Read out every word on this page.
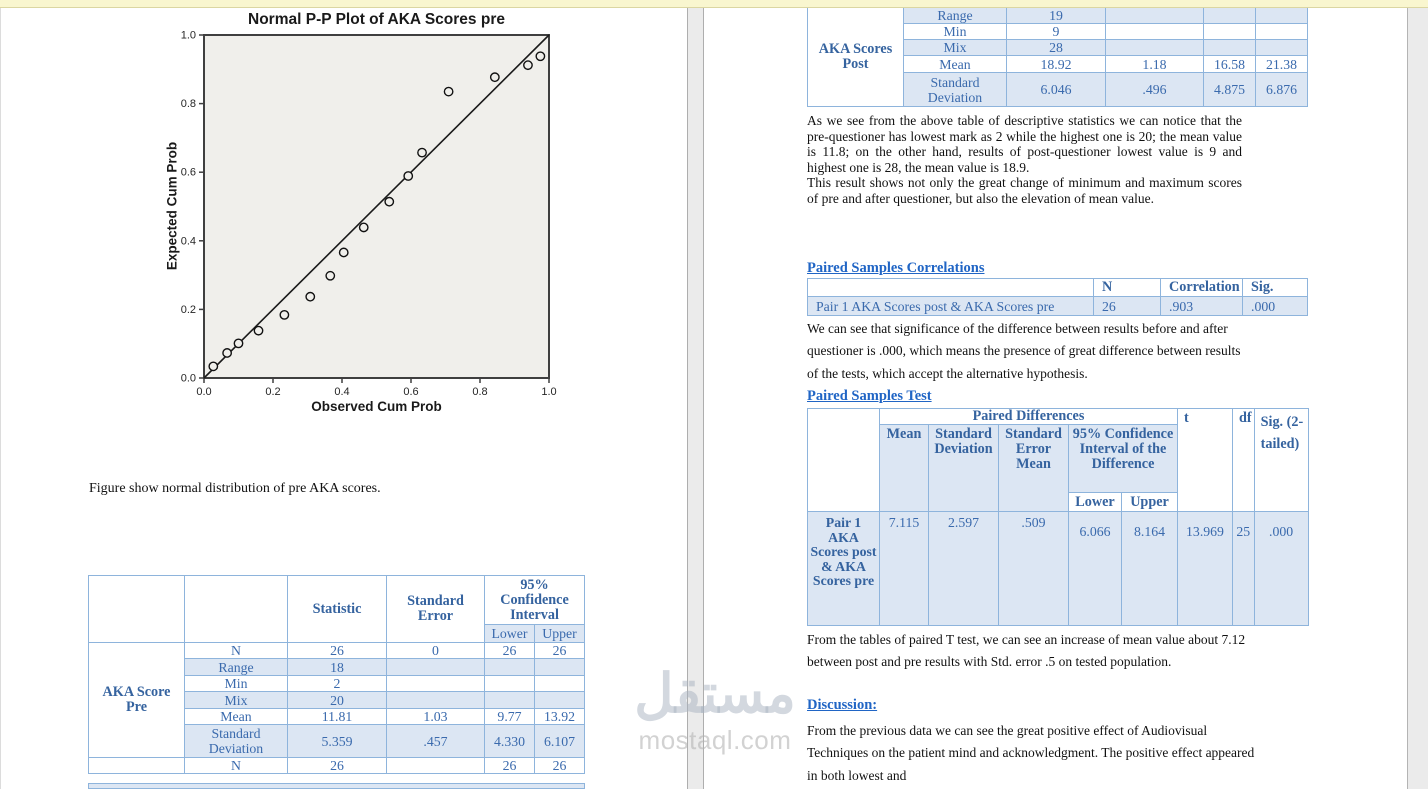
0.0	0.2	0.4	0.6	0.8	1.0
0.0
0.2
0.4
0.6
0.8
1.0
Normal P-P Plot of AKA Scores pre
Expected Cum Prob
Observed Cum Prob
Figure show normal distribution of pre AKA scores.
		Statistic	Standard Error	95% Confidence Interval	
				Lower	Upper
AKA Score Pre	N	26	0	26	26
	Range	18			
	Min	2			
	Mix	20			
	Mean	11.81	1.03	9.77	13.92
	Standard Deviation	5.359	.457	4.330	6.107
	N	26		26	26
AKA Scores Post	Range	19			
	Min	9			
	Mix	28			
	Mean	18.92	1.18	16.58	21.38
	Standard Deviation	6.046	.496	4.875	6.876

As we see from the above table of descriptive statistics we can notice that the pre-questioner has lowest mark as 2 while the highest one is 20; the mean value is 11.8; on the other hand, results of post-questioner lowest value is 9 and highest one is 28, the mean value is 18.9.

This result shows not only the great change of minimum and maximum scores of pre and after questioner, but also the elevation of mean value.

Paired Samples Correlations
	N	Correlation	Sig.
Pair 1 AKA Scores post & AKA Scores pre	26	.903	.000
We can see that significance of the difference between results before and after questioner is .000, which means the presence of great difference between results of the tests, which accept the alternative hypothesis.
Paired Samples Test
	Paired Differences					t	df	Sig. (2-tailed)
	Mean	Standard Deviation	Standard Error Mean	95% Confidence Interval of the Difference				
				Lower	Upper			
Pair 1 AKA Scores post & AKA Scores pre	7.115	2.597	.509	6.066	8.164	13.969	25	.000
From the tables of paired T test, we can see an increase of mean value about 7.12 between post and pre results with Std. error .5 on tested population.
Discussion:
From the previous data we can see the great positive effect of Audiovisual Techniques on the patient mind and acknowledgment. The positive effect appeared in both lowest and
مستقل
mostaql.com
